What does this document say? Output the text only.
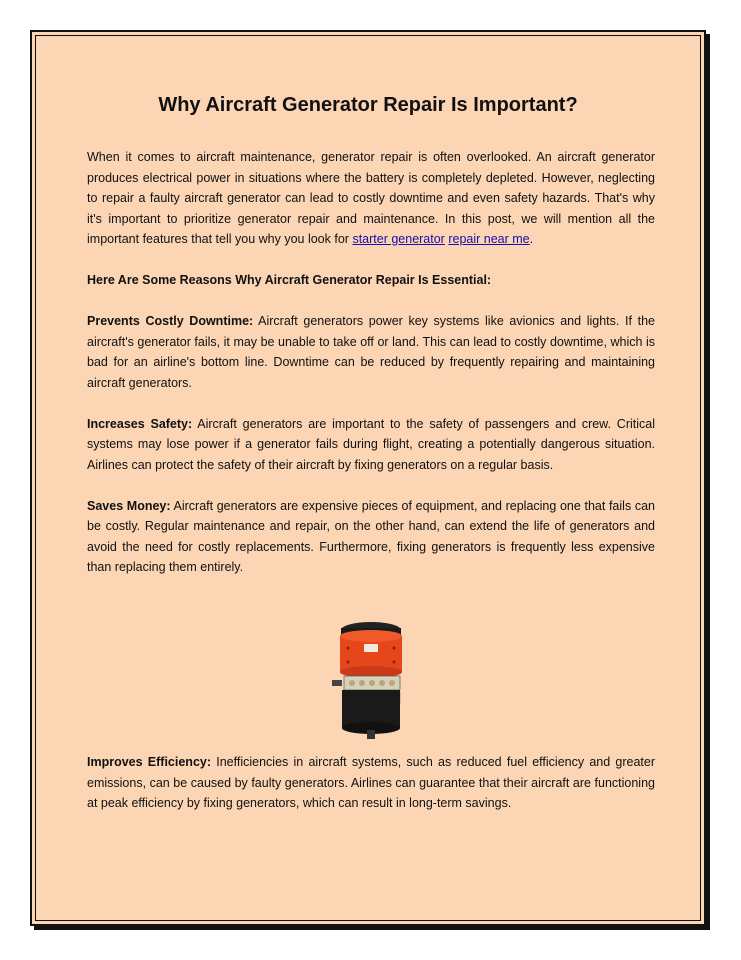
Why Aircraft Generator Repair Is Important?

When it comes to aircraft maintenance, generator repair is often overlooked. An aircraft generator produces electrical power in situations where the battery is completely depleted. However, neglecting to repair a faulty aircraft generator can lead to costly downtime and even safety hazards. That's why it's important to prioritize generator repair and maintenance. In this post, we will mention all the important features that tell you why you look for starter generator repair near me.

Here Are Some Reasons Why Aircraft Generator Repair Is Essential:

Prevents Costly Downtime: Aircraft generators power key systems like avionics and lights. If the aircraft's generator fails, it may be unable to take off or land. This can lead to costly downtime, which is bad for an airline's bottom line. Downtime can be reduced by frequently repairing and maintaining aircraft generators.

Increases Safety: Aircraft generators are important to the safety of passengers and crew. Critical systems may lose power if a generator fails during flight, creating a potentially dangerous situation. Airlines can protect the safety of their aircraft by fixing generators on a regular basis.

Saves Money: Aircraft generators are expensive pieces of equipment, and replacing one that fails can be costly. Regular maintenance and repair, on the other hand, can extend the life of generators and avoid the need for costly replacements. Furthermore, fixing generators is frequently less expensive than replacing them entirely.

Improves Efficiency: Inefficiencies in aircraft systems, such as reduced fuel efficiency and greater emissions, can be caused by faulty generators. Airlines can guarantee that their aircraft are functioning at peak efficiency by fixing generators, which can result in long-term savings.
